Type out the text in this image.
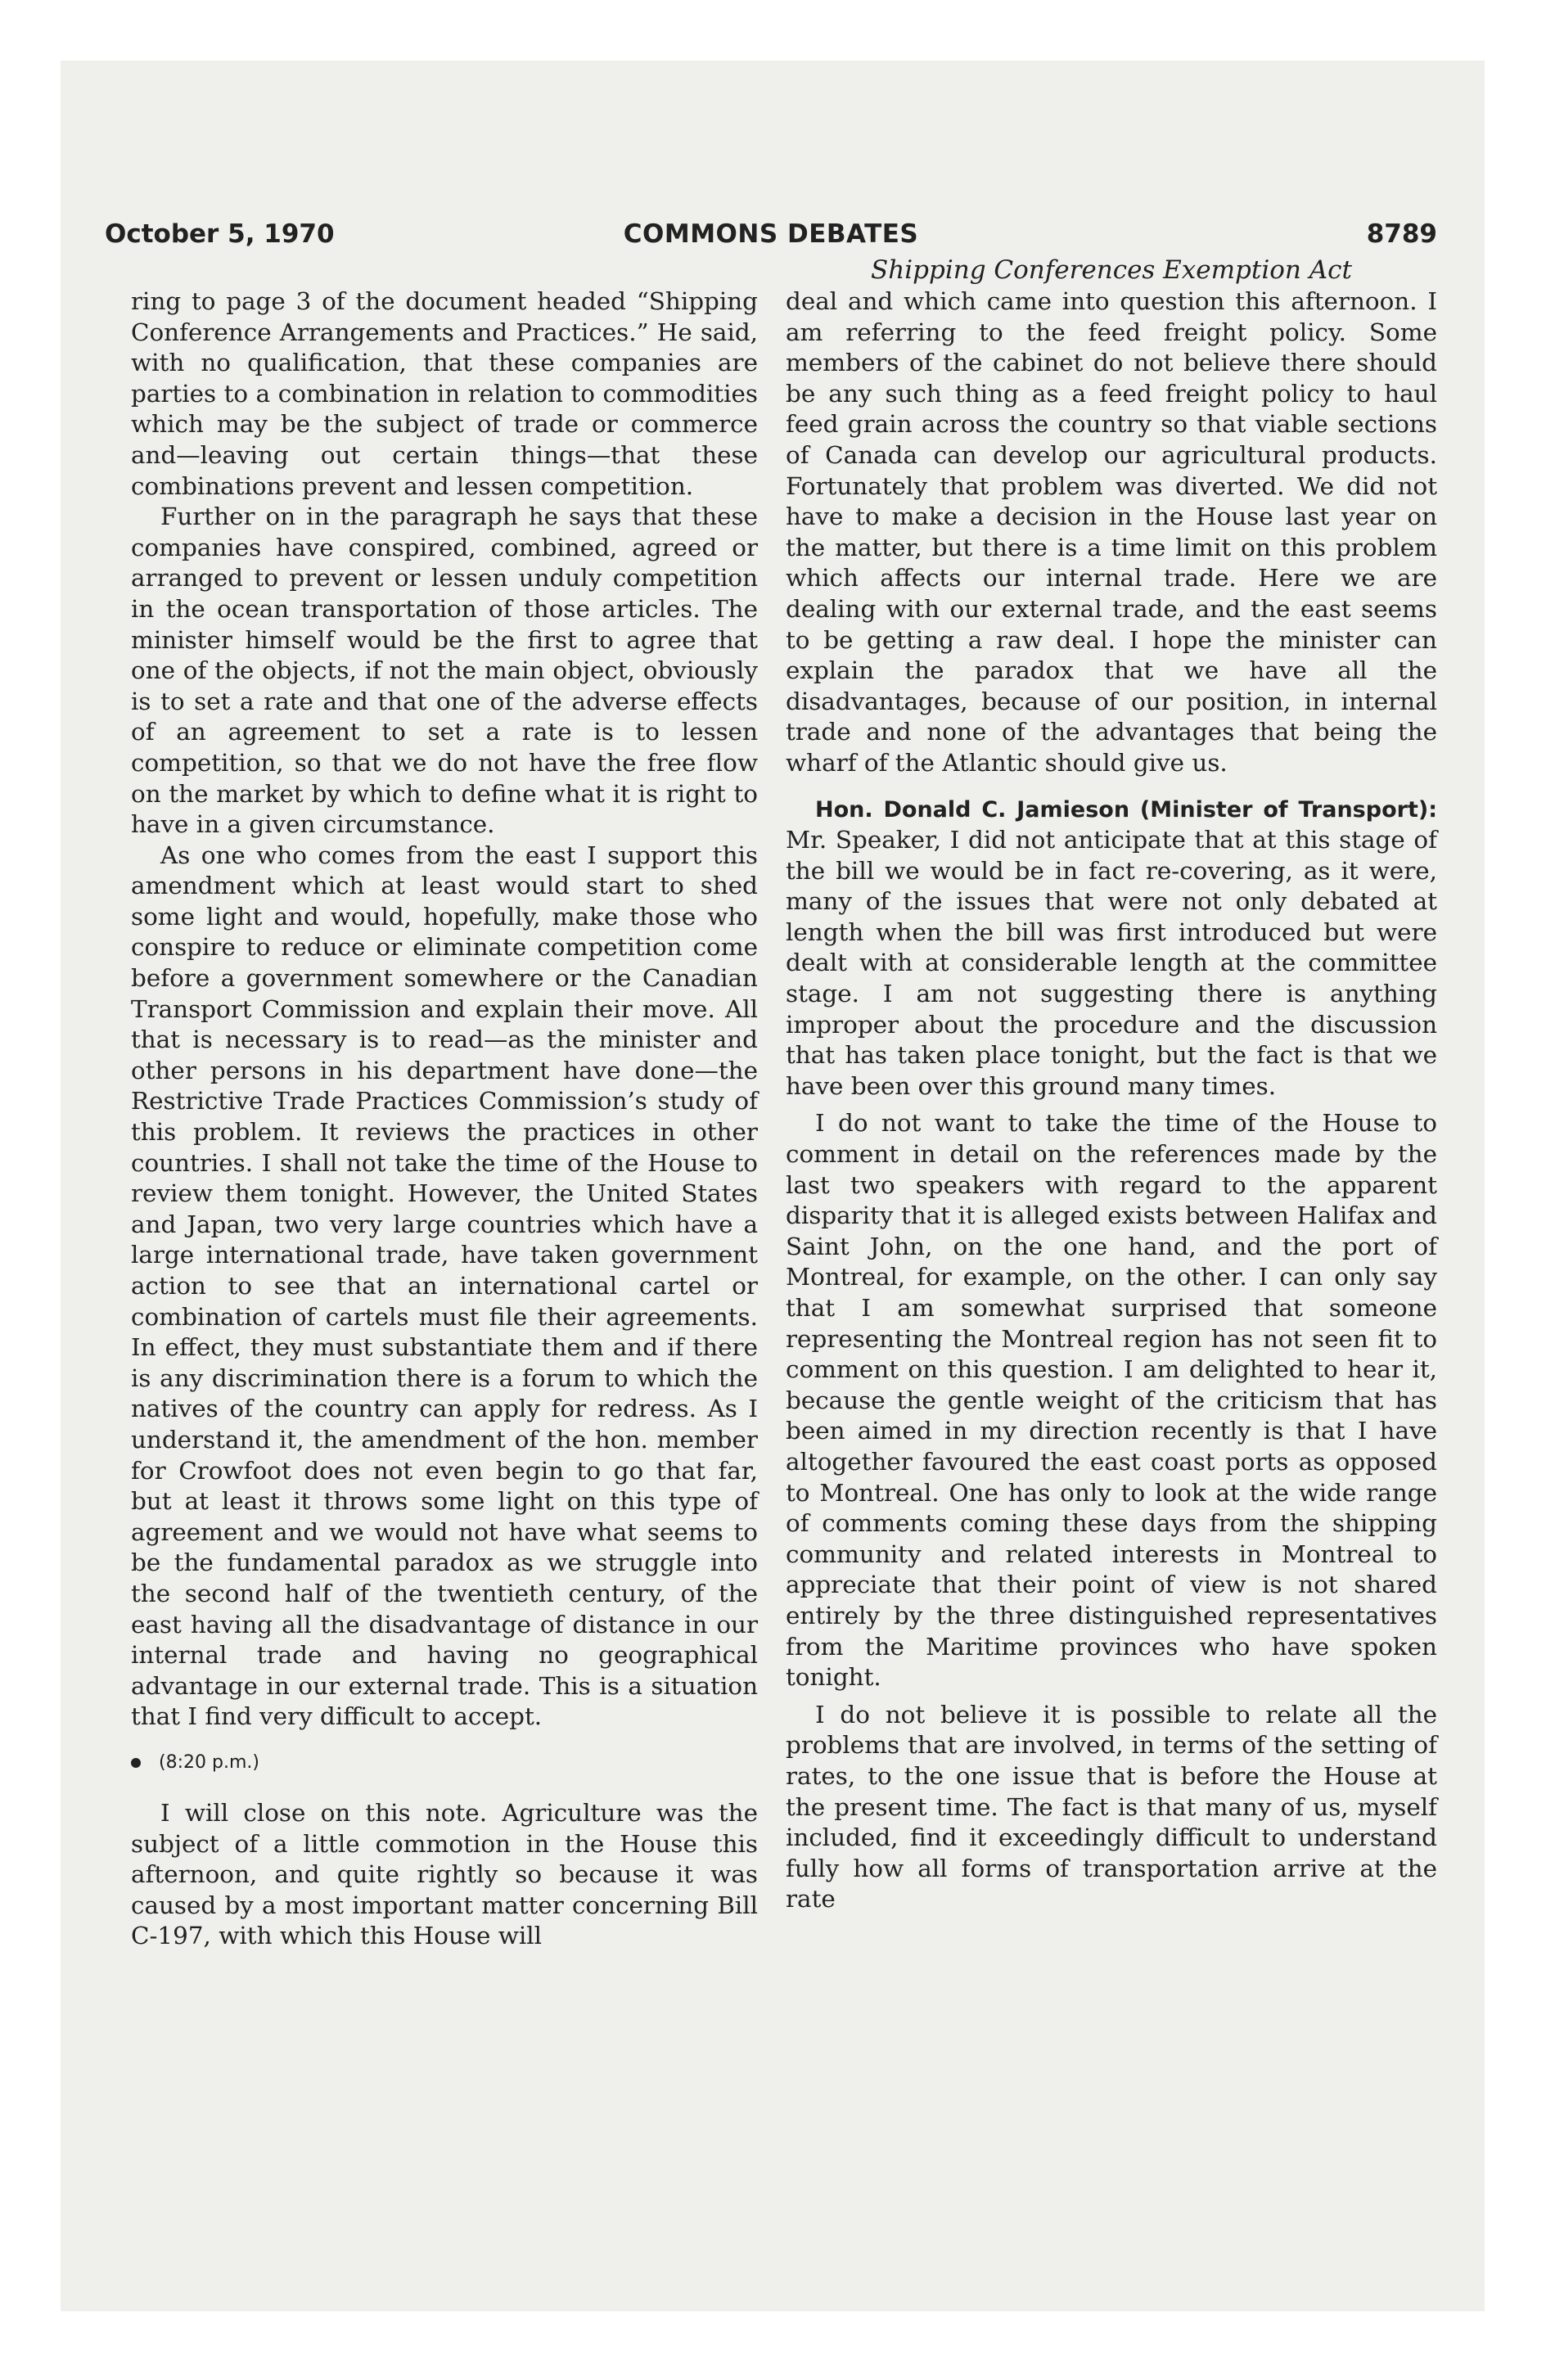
October 5, 1970	COMMONS DEBATES	8789
Shipping Conferences Exemption Act

ring to page 3 of the document headed “Shipping Conference Arrangements and Practices.” He said, with no qualification, that these companies are parties to a combination in relation to commodities which may be the subject of trade or commerce and—leaving out certain things—that these combinations prevent and lessen competition.

Further on in the paragraph he says that these companies have conspired, combined, agreed or arranged to prevent or lessen unduly competition in the ocean transportation of those articles. The minister himself would be the first to agree that one of the objects, if not the main object, obviously is to set a rate and that one of the adverse effects of an agreement to set a rate is to lessen competition, so that we do not have the free flow on the market by which to define what it is right to have in a given circumstance.

As one who comes from the east I support this amendment which at least would start to shed some light and would, hopefully, make those who conspire to reduce or eliminate competition come before a government somewhere or the Canadian Transport Commission and explain their move. All that is necessary is to read—as the minister and other persons in his department have done—the Restrictive Trade Practices Commission’s study of this problem. It reviews the practices in other countries. I shall not take the time of the House to review them tonight. However, the United States and Japan, two very large countries which have a large international trade, have taken government action to see that an international cartel or combination of cartels must file their agreements. In effect, they must substantiate them and if there is any discrimination there is a forum to which the natives of the country can apply for redress. As I understand it, the amendment of the hon. member for Crowfoot does not even begin to go that far, but at least it throws some light on this type of agreement and we would not have what seems to be the fundamental paradox as we struggle into the second half of the twentieth century, of the east having all the disadvantage of distance in our internal trade and having no geographical advantage in our external trade. This is a situation that I find very difficult to accept.

(8:20 p.m.)

I will close on this note. Agriculture was the subject of a little commotion in the House this afternoon, and quite rightly so because it was caused by a most important matter concerning Bill C-197, with which this House will

deal and which came into question this afternoon. I am referring to the feed freight policy. Some members of the cabinet do not believe there should be any such thing as a feed freight policy to haul feed grain across the country so that viable sections of Canada can develop our agricultural products. Fortunately that problem was diverted. We did not have to make a decision in the House last year on the matter, but there is a time limit on this problem which affects our internal trade. Here we are dealing with our external trade, and the east seems to be getting a raw deal. I hope the minister can explain the paradox that we have all the disadvantages, because of our position, in internal trade and none of the advantages that being the wharf of the Atlantic should give us.

Hon. Donald C. Jamieson (Minister of Transport): Mr. Speaker, I did not anticipate that at this stage of the bill we would be in fact re-covering, as it were, many of the issues that were not only debated at length when the bill was first introduced but were dealt with at considerable length at the committee stage. I am not suggesting there is anything improper about the procedure and the discussion that has taken place tonight, but the fact is that we have been over this ground many times.

I do not want to take the time of the House to comment in detail on the references made by the last two speakers with regard to the apparent disparity that it is alleged exists between Halifax and Saint John, on the one hand, and the port of Montreal, for example, on the other. I can only say that I am somewhat surprised that someone representing the Montreal region has not seen fit to comment on this question. I am delighted to hear it, because the gentle weight of the criticism that has been aimed in my direction recently is that I have altogether favoured the east coast ports as opposed to Montreal. One has only to look at the wide range of comments coming these days from the shipping community and related interests in Montreal to appreciate that their point of view is not shared entirely by the three distinguished representatives from the Maritime provinces who have spoken tonight.

I do not believe it is possible to relate all the problems that are involved, in terms of the setting of rates, to the one issue that is before the House at the present time. The fact is that many of us, myself included, find it exceedingly difficult to understand fully how all forms of transportation arrive at the rate
